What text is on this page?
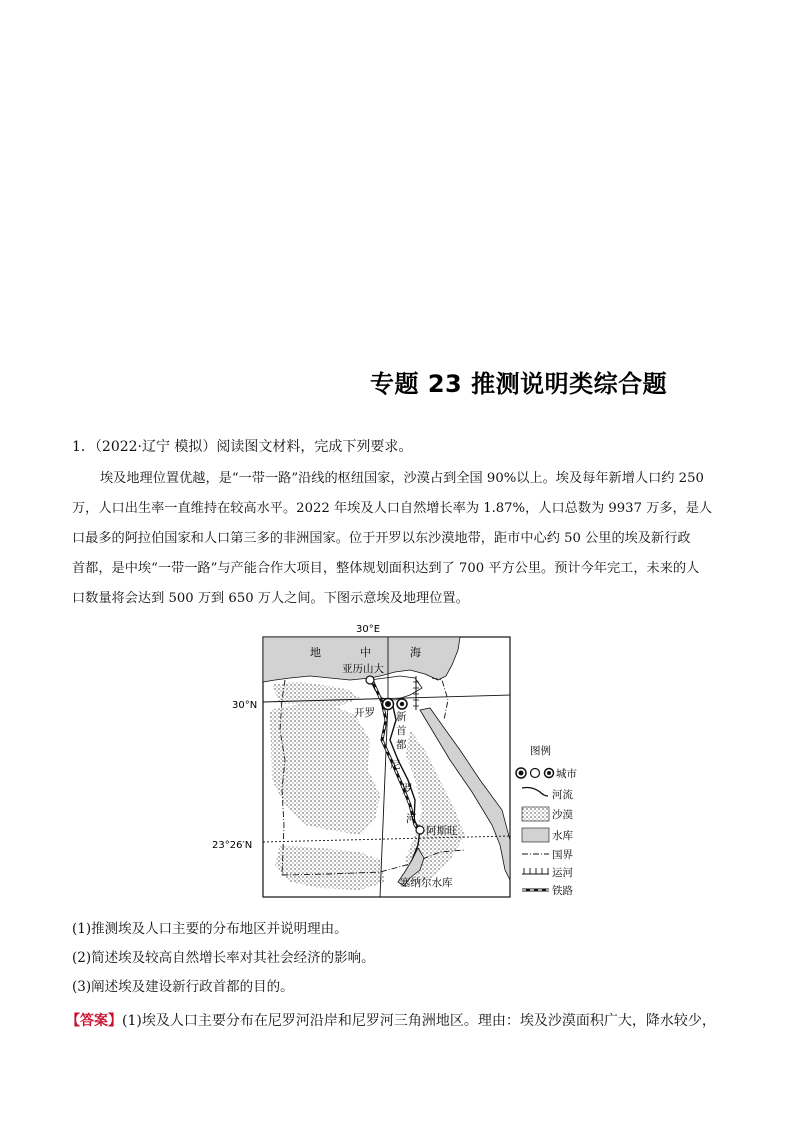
专题 23 推测说明类综合题
1．（2022·辽宁 模拟）阅读图文材料，完成下列要求。
埃及地理位置优越，是“一带一路”沿线的枢纽国家，沙漠占到全国 90%以上。埃及每年新增人口约 250
万，人口出生率一直维持在较高水平。2022 年埃及人口自然增长率为 1.87%，人口总数为 9937 万多，是人
口最多的阿拉伯国家和人口第三多的非洲国家。位于开罗以东沙漠地带，距市中心约 50 公里的埃及新行政
首都，是中埃“一带一路”与产能合作大项目，整体规划面积达到了 700 平方公里。预计今年完工，未来的人
口数量将会达到 500 万到 650 万人之间。下图示意埃及地理位置。
30°E
30°N
23°26′N
地	中	海
亚历山大
开罗 新
首
都
尼
罗
河
阿斯旺
塞纳尔水库
图例
城市
河流
沙漠
水库
国界
运河
铁路
(1)推测埃及人口主要的分布地区并说明理由。
(2)简述埃及较高自然增长率对其社会经济的影响。
(3)阐述埃及建设新行政首都的目的。
【答案】(1)埃及人口主要分布在尼罗河沿岸和尼罗河三角洲地区。理由：埃及沙漠面积广大，降水较少，
